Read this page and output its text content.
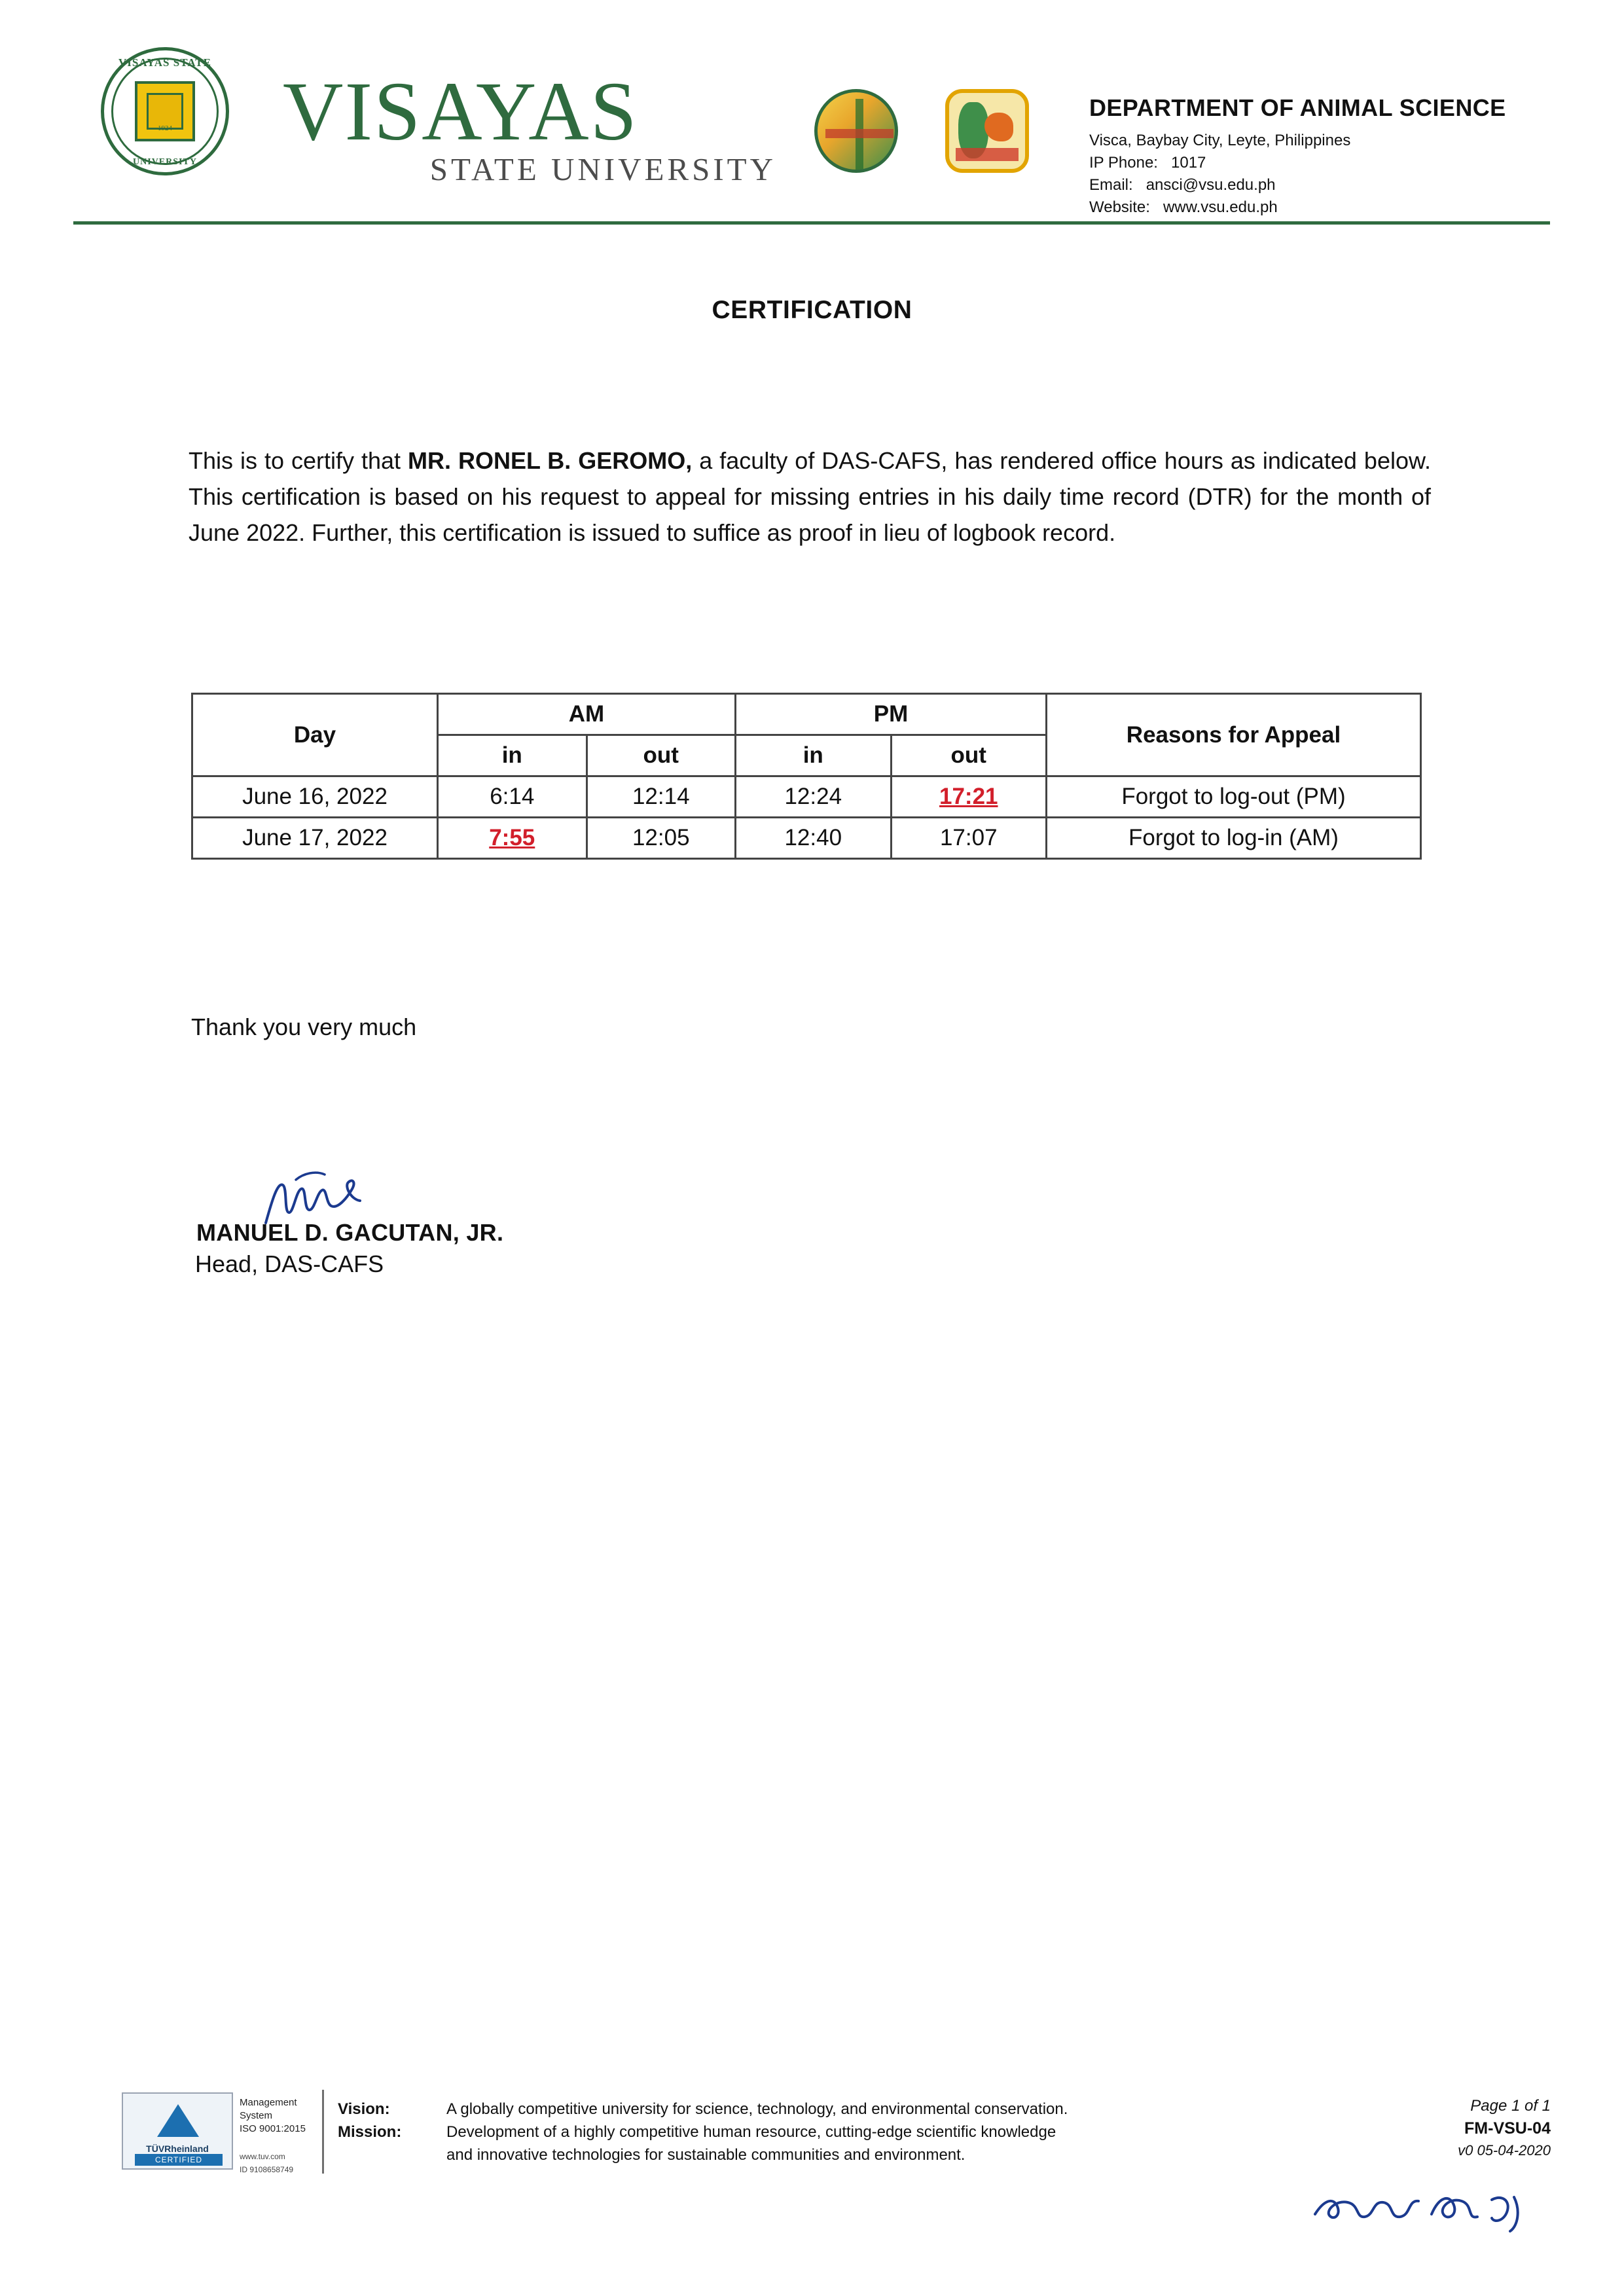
VISAYAS STATE
1924
UNIVERSITY
VISAYAS
STATE UNIVERSITY
DEPARTMENT OF ANIMAL SCIENCE
Visca, Baybay City, Leyte, Philippines
IP Phone: 1017
Email: ansci@vsu.edu.ph
Website: www.vsu.edu.ph
CERTIFICATION
This is to certify that MR. RONEL B. GEROMO, a faculty of DAS-CAFS, has rendered office hours as indicated below. This certification is based on his request to appeal for missing entries in his daily time record (DTR) for the month of June 2022. Further, this certification is issued to suffice as proof in lieu of logbook record.
Day	AM		PM		Reasons for Appeal
	in	out	in	out	
June 16, 2022	6:14	12:14	12:24	17:21	Forgot to log-out (PM)
June 17, 2022	7:55	12:05	12:40	17:07	Forgot to log-in (AM)
Thank you very much
MANUEL D. GACUTAN, JR.
Head, DAS-CAFS
TÜVRheinland
CERTIFIED
Management
System
ISO 9001:2015
www.tuv.com
ID 9108658749
Vision:
Mission:
A globally competitive university for science, technology, and environmental conservation.
Development of a highly competitive human resource, cutting-edge scientific knowledge
and innovative technologies for sustainable communities and environment.
Page 1 of 1
FM-VSU-04
v0 05-04-2020
